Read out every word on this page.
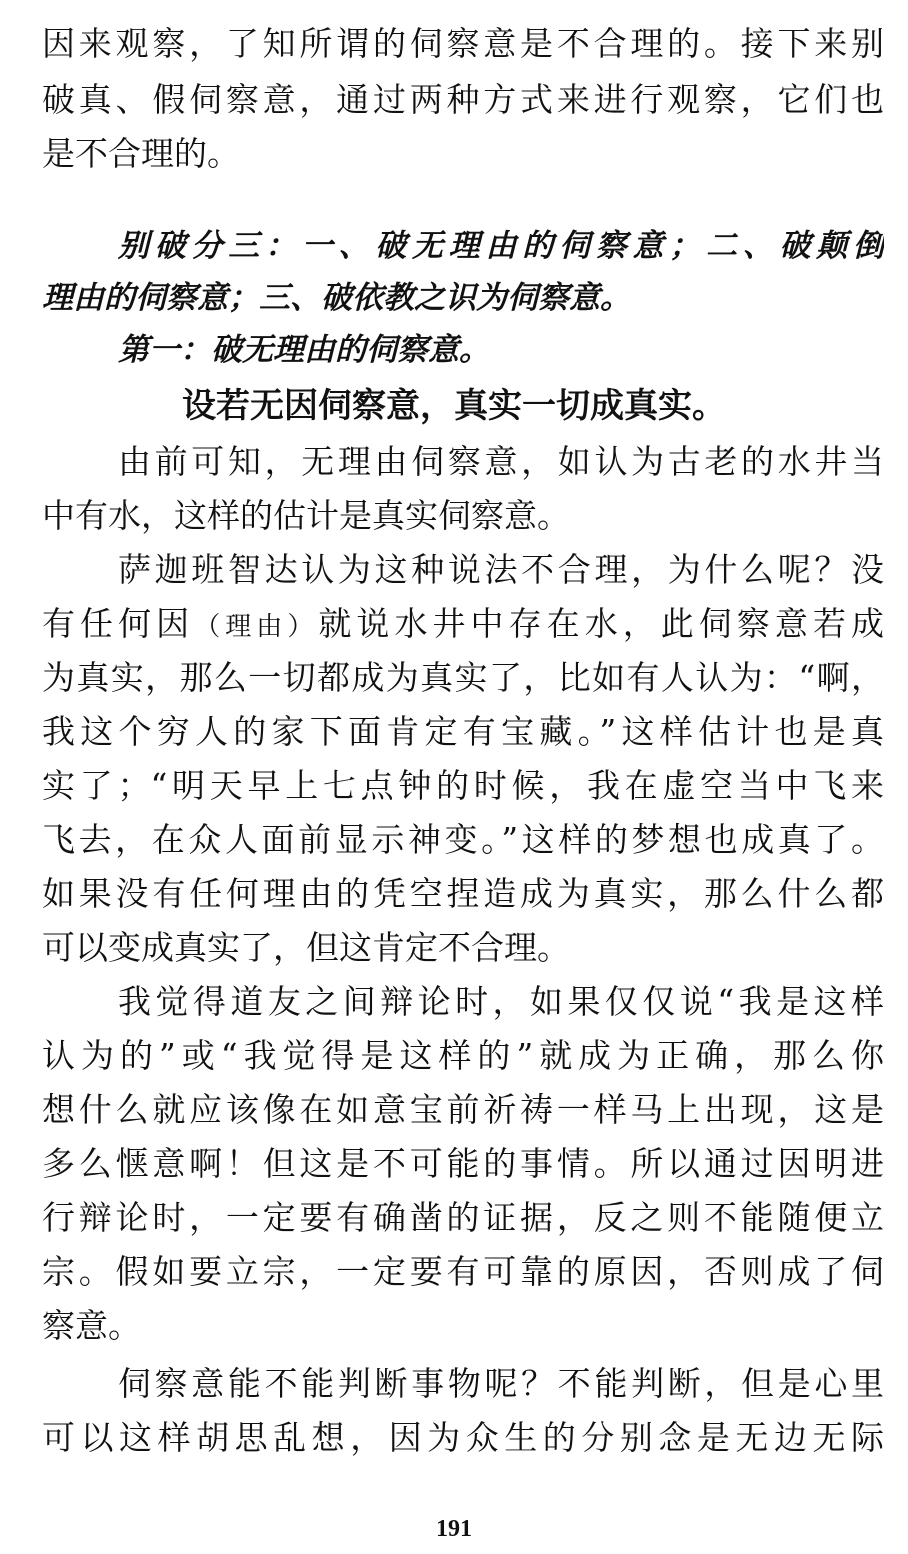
因来观察，了知所谓的伺察意是不合理的。接下来别
破真、假伺察意，通过两种方式来进行观察，它们也
是不合理的。
别破分三：一、破无理由的伺察意；二、破颠倒
理由的伺察意；三、破依教之识为伺察意。
第一：破无理由的伺察意。
设若无因伺察意，真实一切成真实。
由前可知，无理由伺察意，如认为古老的水井当
中有水，这样的估计是真实伺察意。
萨迦班智达认为这种说法不合理，为什么呢？没
有任何因（理由）就说水井中存在水，此伺察意若成
为真实，那么一切都成为真实了，比如有人认为：“啊，
我这个穷人的家下面肯定有宝藏。”这样估计也是真
实了；“明天早上七点钟的时候，我在虚空当中飞来
飞去，在众人面前显示神变。”这样的梦想也成真了。
如果没有任何理由的凭空捏造成为真实，那么什么都
可以变成真实了，但这肯定不合理。
我觉得道友之间辩论时，如果仅仅说“我是这样
认为的”或“我觉得是这样的”就成为正确，那么你
想什么就应该像在如意宝前祈祷一样马上出现，这是
多么惬意啊！但这是不可能的事情。所以通过因明进
行辩论时，一定要有确凿的证据，反之则不能随便立
宗。假如要立宗，一定要有可靠的原因，否则成了伺
察意。
伺察意能不能判断事物呢？不能判断，但是心里
可以这样胡思乱想，因为众生的分别念是无边无际
191
